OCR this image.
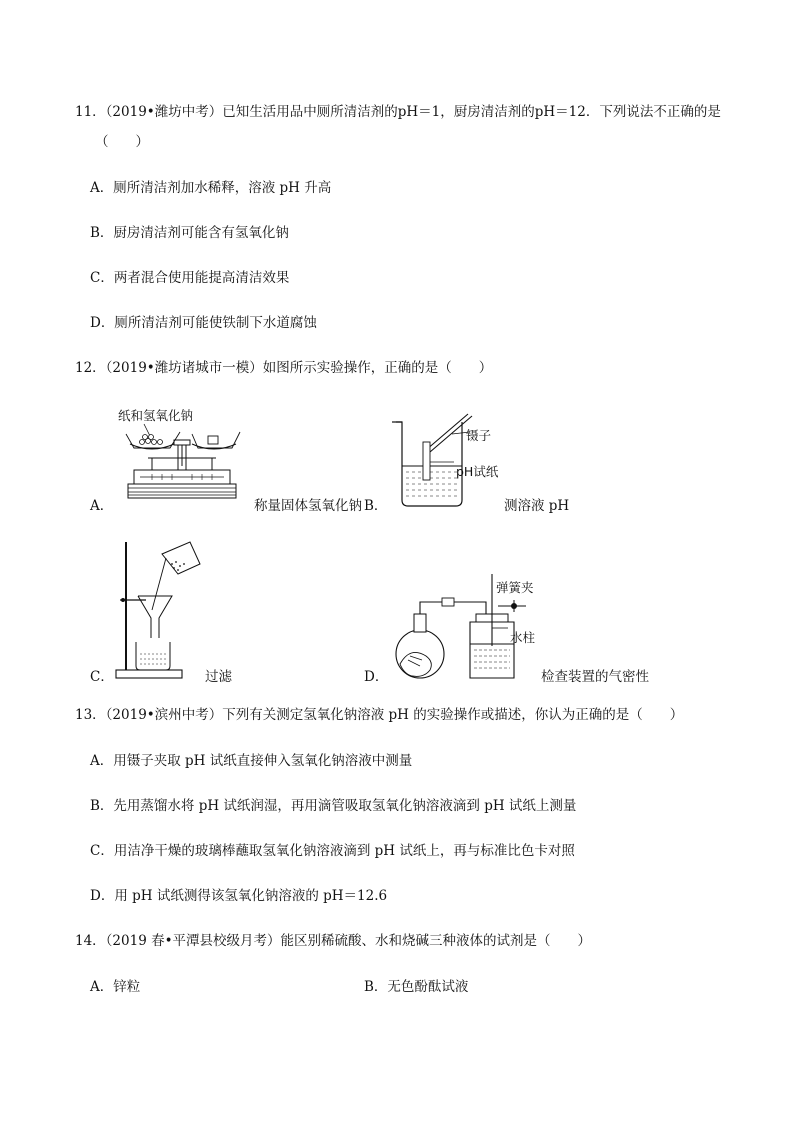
11．（2019•潍坊中考）已知生活用品中厕所清洁剂的pH＝1，厨房清洁剂的pH＝12．下列说法不正确的是
（　　）
A．厕所清洁剂加水稀释，溶液 pH 升高
B．厨房清洁剂可能含有氢氧化钠
C．两者混合使用能提高清洁效果
D．厕所清洁剂可能使铁制下水道腐蚀
12．（2019•潍坊诸城市一模）如图所示实验操作，正确的是（　　）
纸和氢氧化钠
A．	称量固体氢氧化钠
镊子
pH试纸
B．	测溶液 pH
C．	过滤
弹簧夹
水柱
D．	检查装置的气密性
13．（2019•滨州中考）下列有关测定氢氧化钠溶液 pH 的实验操作或描述，你认为正确的是（　　）
A．用镊子夹取 pH 试纸直接伸入氢氧化钠溶液中测量
B．先用蒸馏水将 pH 试纸润湿，再用滴管吸取氢氧化钠溶液滴到 pH 试纸上测量
C．用洁净干燥的玻璃棒蘸取氢氧化钠溶液滴到 pH 试纸上，再与标准比色卡对照
D．用 pH 试纸测得该氢氧化钠溶液的 pH＝12.6
14．（2019 春•平潭县校级月考）能区别稀硫酸、水和烧碱三种液体的试剂是（　　）
A．锌粒	B．无色酚酞试液
